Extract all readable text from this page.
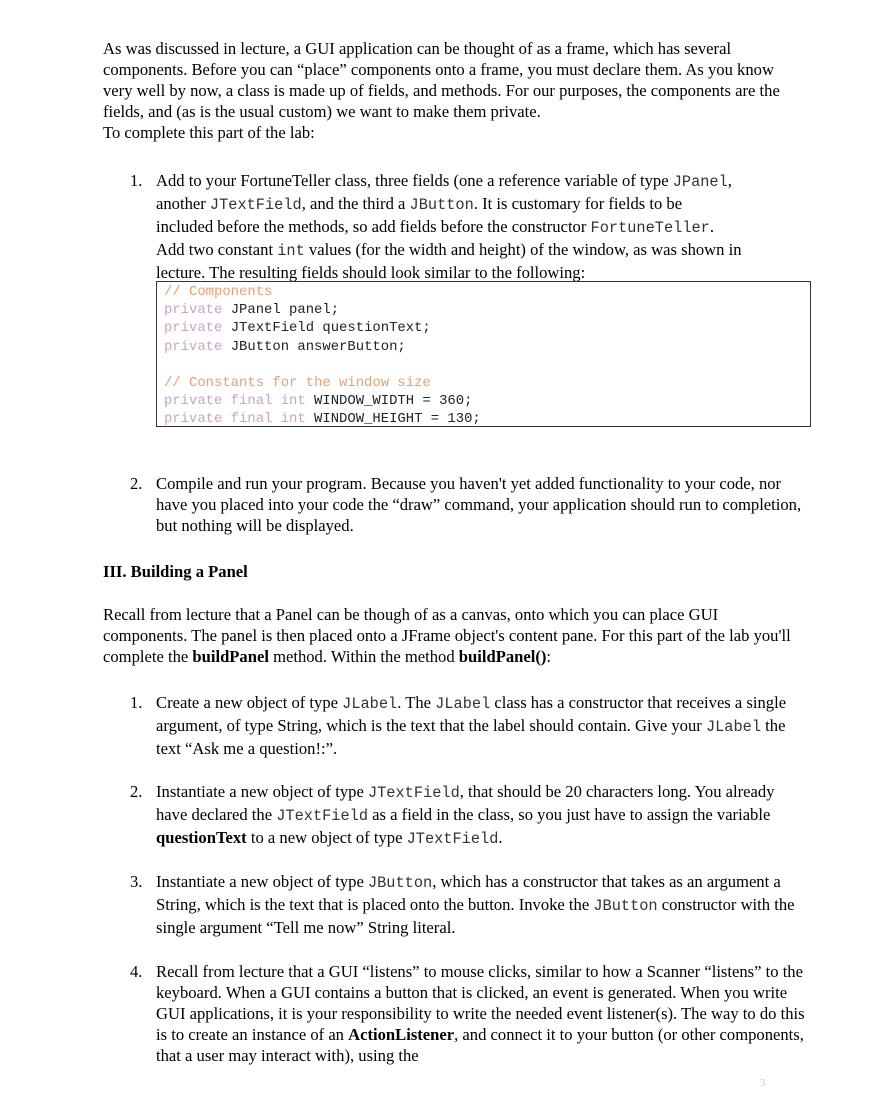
As was discussed in lecture, a GUI application can be thought of as a frame, which has several components. Before you can “place” components onto a frame, you must declare them. As you know very well by now, a class is made up of fields, and methods. For our purposes, the components are the fields, and (as is the usual custom) we want to make them private.
To complete this part of the lab:

1. Add to your FortuneTeller class, three fields (one a reference variable of type JPanel,
another JTextField, and the third a JButton. It is customary for fields to be
included before the methods, so add fields before the constructor FortuneTeller.
Add two constant int values (for the width and height) of the window, as was shown in
lecture. The resulting fields should look similar to the following:
// Components
private JPanel panel;
private JTextField questionText;
private JButton answerButton;
// Constants for the window size
private final int WINDOW_WIDTH = 360;
private final int WINDOW_HEIGHT = 130;
2. Compile and run your program. Because you haven't yet added functionality to your code, nor have you placed into your code the “draw” command, your application should run to completion, but nothing will be displayed.
III. Building a Panel

Recall from lecture that a Panel can be though of as a canvas, onto which you can place GUI components. The panel is then placed onto a JFrame object's content pane. For this part of the lab you'll complete the buildPanel method. Within the method buildPanel():

1. Create a new object of type JLabel. The JLabel class has a constructor that receives a single argument, of type String, which is the text that the label should contain. Give your JLabel the text “Ask me a question!:”.
2. Instantiate a new object of type JTextField, that should be 20 characters long. You already have declared the JTextField as a field in the class, so you just have to assign the variable questionText to a new object of type JTextField.
3. Instantiate a new object of type JButton, which has a constructor that takes as an argument a String, which is the text that is placed onto the button. Invoke the JButton constructor with the single argument “Tell me now” String literal.
4. Recall from lecture that a GUI “listens” to mouse clicks, similar to how a Scanner “listens” to the keyboard. When a GUI contains a button that is clicked, an event is generated. When you write GUI applications, it is your responsibility to write the needed event listener(s). The way to do this is to create an instance of an ActionListener, and connect it to your button (or other components, that a user may interact with), using the
3
